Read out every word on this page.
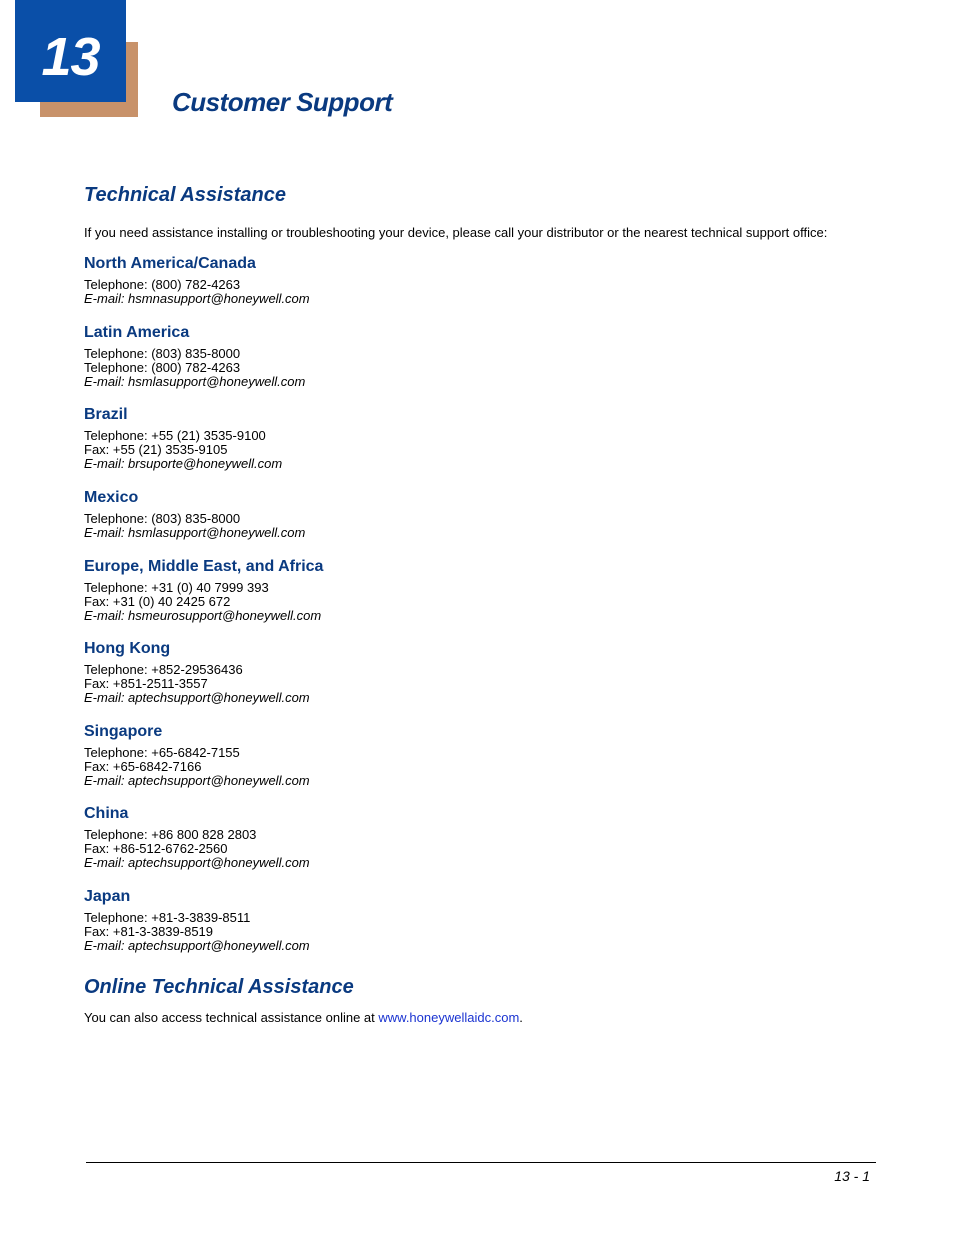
13
Customer Support
Technical Assistance
If you need assistance installing or troubleshooting your device, please call your distributor or the nearest technical support office:
North America/Canada
Telephone: (800) 782-4263
E-mail: hsmnasupport@honeywell.com
Latin America
Telephone: (803) 835-8000
Telephone: (800) 782-4263
E-mail: hsmlasupport@honeywell.com
Brazil
Telephone: +55 (21) 3535-9100
Fax: +55 (21) 3535-9105
E-mail: brsuporte@honeywell.com
Mexico
Telephone: (803) 835-8000
E-mail: hsmlasupport@honeywell.com
Europe, Middle East, and Africa
Telephone: +31 (0) 40 7999 393
Fax: +31 (0) 40 2425 672
E-mail: hsmeurosupport@honeywell.com
Hong Kong
Telephone: +852-29536436
Fax: +851-2511-3557
E-mail: aptechsupport@honeywell.com
Singapore
Telephone: +65-6842-7155
Fax: +65-6842-7166
E-mail: aptechsupport@honeywell.com
China
Telephone: +86 800 828 2803
Fax: +86-512-6762-2560
E-mail: aptechsupport@honeywell.com
Japan
Telephone: +81-3-3839-8511
Fax: +81-3-3839-8519
E-mail: aptechsupport@honeywell.com
Online Technical Assistance
You can also access technical assistance online at www.honeywellaidc.com.
13 - 1
